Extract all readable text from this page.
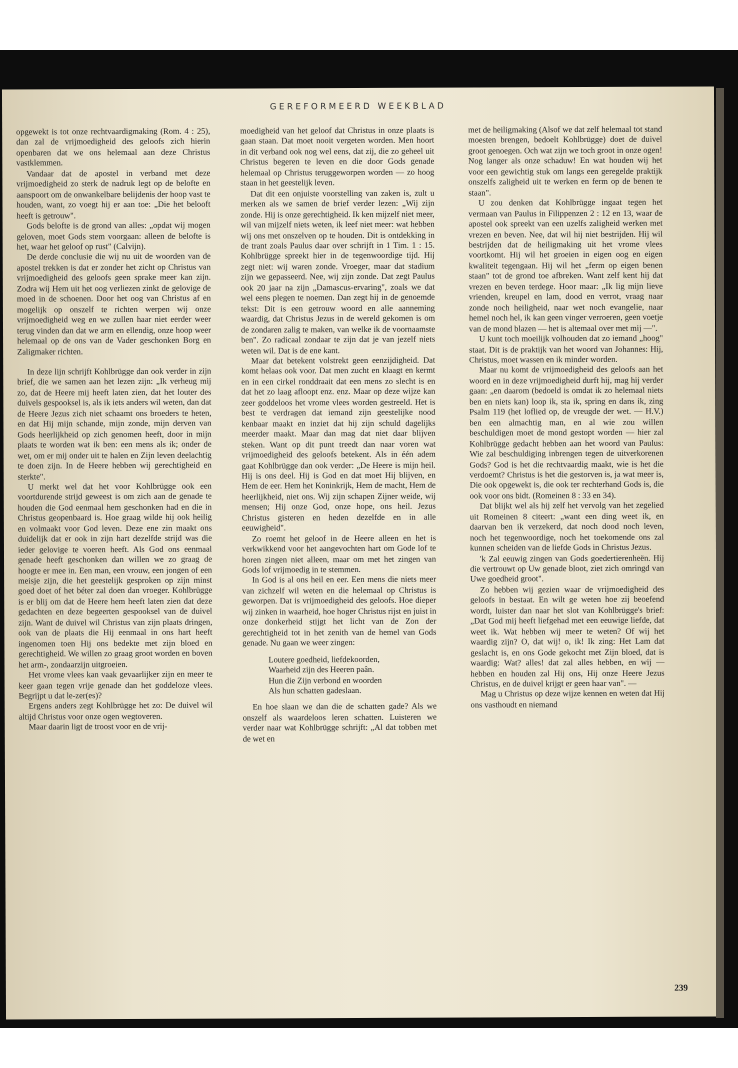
GEREFORMEERD WEEKBLAD

opgewekt is tot onze rechtvaardigmaking (Rom. 4 : 25), dan zal de vrijmoedigheid des geloofs zich hierin openbaren dat we ons helemaal aan deze Christus vastklemmen.

Vandaar dat de apostel in verband met deze vrijmoedigheid zo sterk de nadruk legt op de belofte en aanspoort om de onwankelbare belijdenis der hoop vast te houden, want, zo voegt hij er aan toe: „Die het belooft heeft is getrouw".

Gods belofte is de grond van alles: „opdat wij mogen geloven, moet Gods stem voorgaan: alleen de belofte is het, waar het geloof op rust" (Calvijn).

De derde conclusie die wij nu uit de woorden van de apostel trekken is dat er zonder het zicht op Christus van vrijmoedigheid des geloofs geen sprake meer kan zijn. Zodra wij Hem uit het oog verliezen zinkt de gelovige de moed in de schoenen. Door het oog van Christus af en mogelijk op onszelf te richten werpen wij onze vrijmoedigheid weg en we zullen haar niet eerder weer terug vinden dan dat we arm en ellendig, onze hoop weer helemaal op de ons van de Vader geschonken Borg en Zaligmaker richten.

In deze lijn schrijft Kohlbrügge dan ook verder in zijn brief, die we samen aan het lezen zijn: „Ik verheug mij zo, dat de Heere mij heeft laten zien, dat het louter des duivels gespooksel is, als ik iets anders wil weten, dan dat de Heere Jezus zich niet schaamt ons broeders te heten, en dat Hij mijn schande, mijn zonde, mijn derven van Gods heerlijkheid op zich genomen heeft, door in mijn plaats te worden wat ik ben: een mens als ik; onder de wet, om er mij onder uit te halen en Zijn leven deelachtig te doen zijn. In de Heere hebben wij gerechtigheid en sterkte".

U merkt wel dat het voor Kohlbrügge ook een voortdurende strijd geweest is om zich aan de genade te houden die God eenmaal hem geschonken had en die in Christus geopenbaard is. Hoe graag wilde hij ook heilig en volmaakt voor God leven. Deze ene zin maakt ons duidelijk dat er ook in zijn hart dezelfde strijd was die ieder gelovige te voeren heeft. Als God ons eenmaal genade heeft geschonken dan willen we zo graag de hoogte er mee in. Een man, een vrouw, een jongen of een meisje zijn, die het geestelijk gesproken op zijn minst goed doet of het béter zal doen dan vroeger. Kohlbrügge is er blij om dat de Heere hem heeft laten zien dat deze gedachten en deze begeerten gespooksel van de duivel zijn. Want de duivel wil Christus van zijn plaats dringen, ook van de plaats die Hij eenmaal in ons hart heeft ingenomen toen Hij ons bedekte met zijn bloed en gerechtigheid. We willen zo graag groot worden en boven het arm-, zondaarzijn uitgroeien.

Het vrome vlees kan vaak gevaarlijker zijn en meer te keer gaan tegen vrije genade dan het goddeloze vlees. Begrijpt u dat le-zer(es)?

Ergens anders zegt Kohlbrügge het zo: De duivel wil altijd Christus voor onze ogen wegtoveren.

Maar daarin ligt de troost voor en de vrij-

moedigheid van het geloof dat Christus in onze plaats is gaan staan. Dat moet nooit vergeten worden. Men hoort in dit verband ook nog wel eens, dat zij, die zo geheel uit Christus begeren te leven en die door Gods genade helemaal op Christus teruggeworpen worden — zo hoog staan in het geestelijk leven.

Dat dit een onjuiste voorstelling van zaken is, zult u merken als we samen de brief verder lezen: „Wij zijn zonde. Hij is onze gerechtigheid. Ik ken mijzelf niet meer, wil van mijzelf niets weten, ik leef niet meer: wat hebben wij ons met onszelven op te houden. Dit is ontdekking in de trant zoals Paulus daar over schrijft in 1 Tim. 1 : 15. Kohlbrügge spreekt hier in de tegenwoordige tijd. Hij zegt niet: wij waren zonde. Vroeger, maar dat stadium zijn we gepasseerd. Nee, wij zijn zonde. Dat zegt Paulus ook 20 jaar na zijn „Damascus-ervaring", zoals we dat wel eens plegen te noemen. Dan zegt hij in de genoemde tekst: Dit is een getrouw woord en alle aanneming waardig, dat Christus Jezus in de wereld gekomen is om de zondaren zalig te maken, van welke ik de voornaamste ben". Zo radicaal zondaar te zijn dat je van jezelf niets weten wil. Dat is de ene kant.

Maar dat betekent volstrekt geen eenzijdigheid. Dat komt helaas ook voor. Dat men zucht en klaagt en kermt en in een cirkel ronddraait dat een mens zo slecht is en dat het zo laag afloopt enz. enz. Maar op deze wijze kan zeer goddeloos het vrome vlees worden gestreeld. Het is best te verdragen dat iemand zijn geestelijke nood kenbaar maakt en inziet dat hij zijn schuld dagelijks meerder maakt. Maar dan mag dat niet daar blijven steken. Want op dit punt treedt dan naar voren wat vrijmoedigheid des geloofs betekent. Als in één adem gaat Kohlbrügge dan ook verder: „De Heere is mijn heil. Hij is ons deel. Hij is God en dat moet Hij blijven, en Hem de eer. Hem het Koninkrijk, Hem de macht, Hem de heerlijkheid, niet ons. Wij zijn schapen Zijner weide, wij mensen; Hij onze God, onze hope, ons heil. Jezus Christus gisteren en heden dezelfde en in alle eeuwigheid".

Zo roemt het geloof in de Heere alleen en het is verkwikkend voor het aangevochten hart om Gode lof te horen zingen niet alleen, maar om met het zingen van Gods lof vrijmoedig in te stemmen.

In God is al ons heil en eer. Een mens die niets meer van zichzelf wil weten en die helemaal op Christus is geworpen. Dat is vrijmoedigheid des geloofs. Hoe dieper wij zinken in waarheid, hoe hoger Christus rijst en juist in onze donkerheid stijgt het licht van de Zon der gerechtigheid tot in het zenith van de hemel van Gods genade. Nu gaan we weer zingen:

Loutere goedheid, liefdekoorden,
Waarheid zijn des Heeren paân.
Hun die Zijn verbond en woorden
Als hun schatten gadeslaan.

En hoe slaan we dan die de schatten gade? Als we onszelf als waardeloos leren schatten. Luisteren we verder naar wat Kohlbrügge schrijft: „Al dat tobben met de wet en

met de heiligmaking (Alsof we dat zelf helemaal tot stand moesten brengen, bedoelt Kohlbrügge) doet de duivel groot genoegen. Och wat zijn we toch groot in onze ogen! Nog langer als onze schaduw! En wat houden wij het voor een gewichtig stuk om langs een geregelde praktijk onszelfs zaligheid uit te werken en ferm op de benen te staan".

U zou denken dat Kohlbrügge ingaat tegen het vermaan van Paulus in Filippenzen 2 : 12 en 13, waar de apostel ook spreekt van een uzelfs zaligheid werken met vrezen en beven. Nee, dat wil hij niet bestrijden. Hij wil bestrijden dat de heiligmaking uit het vrome vlees voortkomt. Hij wil het groeien in eigen oog en eigen kwaliteit tegengaan. Hij wil het „ferm op eigen benen staan" tot de grond toe afbreken. Want zelf kent hij dat vrezen en beven terdege. Hoor maar: „Ik lig mijn lieve vrienden, kreupel en lam, dood en verrot, vraag naar zonde noch heiligheid, naar wet noch evangelie, naar hemel noch hel, ik kan geen vinger verroeren, geen voetje van de mond blazen — het is altemaal over met mij —".

U kunt toch moeilijk volhouden dat zo iemand „hoog" staat. Dit is de praktijk van het woord van Johannes: Hij, Christus, moet wassen en ik minder worden.

Maar nu komt de vrijmoedigheid des geloofs aan het woord en in deze vrijmoedigheid durft hij, mag hij verder gaan: „en daarom (bedoeld is omdat ik zo helemaal niets ben en niets kan) loop ik, sta ik, spring en dans ik, zing Psalm 119 (het loflied op, de vreugde der wet. — H.V.) ben een almachtig man, en al wie zou willen beschuldigen moet de mond gestopt worden — hier zal Kohlbrügge gedacht hebben aan het woord van Paulus: Wie zal beschuldiging inbrengen tegen de uitverkorenen Gods? God is het die rechtvaardig maakt, wie is het die verdoemt? Christus is het die gestorven is, ja wat meer is, Die ook opgewekt is, die ook ter rechterhand Gods is, die ook voor ons bidt. (Romeinen 8 : 33 en 34).

Dat blijkt wel als hij zelf het vervolg van het zegelied uit Romeinen 8 citeert: „want een ding weet ik, en daarvan ben ik verzekerd, dat noch dood noch leven, noch het tegenwoordige, noch het toekomende ons zal kunnen scheiden van de liefde Gods in Christus Jezus.

'k Zal eeuwig zingen van Gods goedertierenheën. Hij die vertrouwt op Uw genade bloot, ziet zich omringd van Uwe goedheid groot".

Zo hebben wij gezien waar de vrijmoedigheid des geloofs in bestaat. En wilt ge weten hoe zij beoefend wordt, luister dan naar het slot van Kohlbrügge's brief: „Dat God mij heeft liefgehad met een eeuwige liefde, dat weet ik. Wat hebben wij meer te weten? Of wij het waardig zijn? O, dat wij! o, ik! Ik zing: Het Lam dat geslacht is, en ons Gode gekocht met Zijn bloed, dat is waardig: Wat? alles! dat zal alles hebben, en wij — hebben en houden zal Hij ons, Hij onze Heere Jezus Christus, en de duivel krijgt er geen haar van". —

Mag u Christus op deze wijze kennen en weten dat Hij ons vasthoudt en niemand

239
